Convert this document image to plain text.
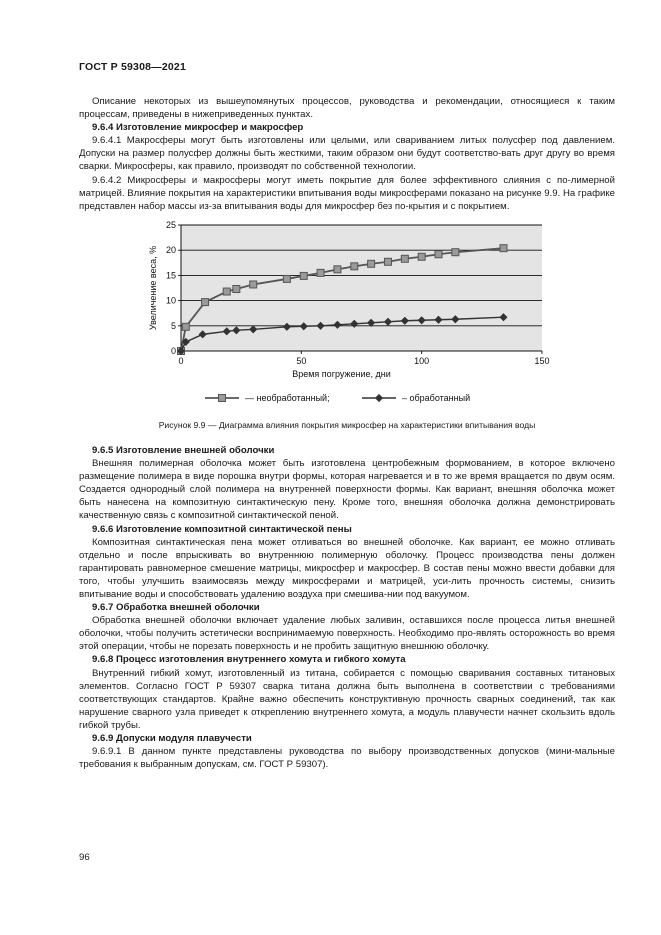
ГОСТ Р 59308—2021

Описание некоторых из вышеупомянутых процессов, руководства и рекомендации, относящиеся к таким процессам, приведены в нижеприведенных пунктах.

9.6.4 Изготовление микросфер и макросфер

9.6.4.1 Макросферы могут быть изготовлены или целыми, или свариванием литых полусфер под давлением. Допуски на размер полусфер должны быть жесткими, таким образом они будут соответство-вать друг другу во время сварки. Микросферы, как правило, производят по собственной технологии.

9.6.4.2 Микросферы и макросферы могут иметь покрытие для более эффективного слияния с по-лимерной матрицей. Влияние покрытия на характеристики впитывания воды микросферами показано на рисунке 9.9. На графике представлен набор массы из-за впитывания воды для микросфер без по-крытия и с покрытием.

0
5
10
15
20
25
0	50	100	150
Время погружение, дни
Увеличение веса, %
— необработанный;	– обработанный
Рисунок 9.9 — Диаграмма влияния покрытия микросфер на характеристики впитывания воды
9.6.5 Изготовление внешней оболочки

Внешняя полимерная оболочка может быть изготовлена центробежным формованием, в которое включено размещение полимера в виде порошка внутри формы, которая нагревается и в то же время вращается по двум осям. Создается однородный слой полимера на внутренней поверхности формы. Как вариант, внешняя оболочка может быть нанесена на композитную синтактическую пену. Кроме того, внешняя оболочка должна демонстрировать качественную связь с композитной синтактической пеной.

9.6.6 Изготовление композитной синтактической пены

Композитная синтактическая пена может отливаться во внешней оболочке. Как вариант, ее можно отливать отдельно и после впрыскивать во внутреннюю полимерную оболочку. Процесс производства пены должен гарантировать равномерное смешение матрицы, микросфер и макросфер. В состав пены можно ввести добавки для того, чтобы улучшить взаимосвязь между микросферами и матрицей, уси-лить прочность системы, снизить впитывание воды и способствовать удалению воздуха при смешива-нии под вакуумом.

9.6.7 Обработка внешней оболочки

Обработка внешней оболочки включает удаление любых заливин, оставшихся после процесса литья внешней оболочки, чтобы получить эстетически воспринимаемую поверхность. Необходимо про-являть осторожность во время этой операции, чтобы не порезать поверхность и не пробить защитную внешнюю оболочку.

9.6.8 Процесс изготовления внутреннего хомута и гибкого хомута

Внутренний гибкий хомут, изготовленный из титана, собирается с помощью сваривания составных титановых элементов. Согласно ГОСТ Р 59307 сварка титана должна быть выполнена в соответствии с требованиями соответствующих стандартов. Крайне важно обеспечить конструктивную прочность сварных соединений, так как нарушение сварного узла приведет к откреплению внутреннего хомута, а модуль плавучести начнет скользить вдоль гибкой трубы.

9.6.9 Допуски модуля плавучести

9.6.9.1 В данном пункте представлены руководства по выбору производственных допусков (мини-мальные требования к выбранным допускам, см. ГОСТ Р 59307).

96
